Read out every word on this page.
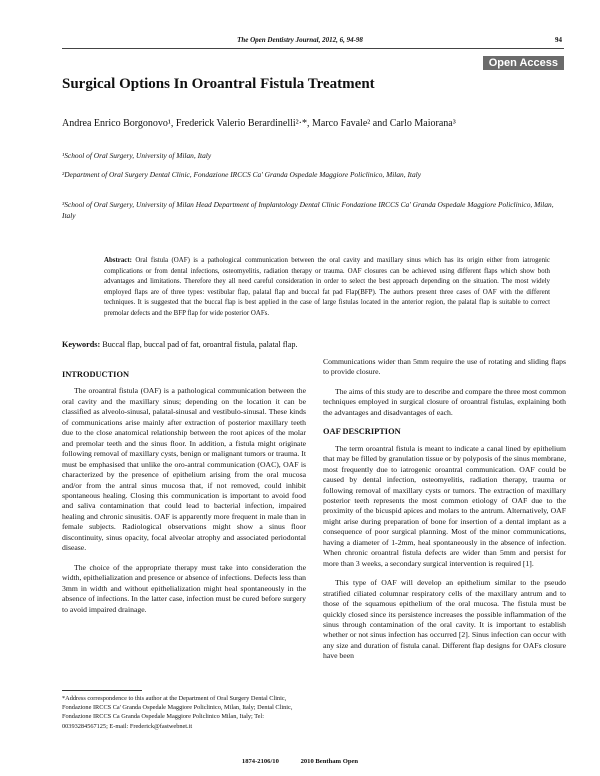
The Open Dentistry Journal, 2012, 6, 94-98	94
Open Access
Surgical Options In Oroantral Fistula Treatment
Andrea Enrico Borgonovo¹, Frederick Valerio Berardinelli²·*, Marco Favale² and Carlo Maiorana³
¹School of Oral Surgery, University of Milan, Italy
²Department of Oral Surgery Dental Clinic, Fondazione IRCCS Ca' Granda Ospedale Maggiore Policlinico, Milan, Italy
³School of Oral Surgery, University of Milan Head Department of Implantology Dental Clinic Fondazione IRCCS Ca' Granda Ospedale Maggiore Policlinico, Milan, Italy
Abstract: Oral fistula (OAF) is a pathological communication between the oral cavity and maxillary sinus which has its origin either from iatrogenic complications or from dental infections, osteomyelitis, radiation therapy or trauma. OAF closures can be achieved using different flaps which show both advantages and limitations. Therefore they all need careful consideration in order to select the best approach depending on the situation. The most widely employed flaps are of three types: vestibular flap, palatal flap and buccal fat pad Flap(BFP). The authors present three cases of OAF with the different techniques. It is suggested that the buccal flap is best applied in the case of large fistulas located in the anterior region, the palatal flap is suitable to correct premolar defects and the BFP flap for wide posterior OAFs.
Keywords: Buccal flap, buccal pad of fat, oroantral fistula, palatal flap.
INTRODUCTION

The oroantral fistula (OAF) is a pathological communication between the oral cavity and the maxillary sinus; depending on the location it can be classified as alveolo-sinusal, palatal-sinusal and vestibulo-sinusal. These kinds of communications arise mainly after extraction of posterior maxillary teeth due to the close anatomical relationship between the root apices of the molar and premolar teeth and the sinus floor. In addition, a fistula might originate following removal of maxillary cysts, benign or malignant tumors or trauma. It must be emphasised that unlike the oro-antral communication (OAC), OAF is characterized by the presence of epithelium arising from the oral mucosa and/or from the antral sinus mucosa that, if not removed, could inhibit spontaneous healing. Closing this communication is important to avoid food and saliva contamination that could lead to bacterial infection, impaired healing and chronic sinusitis. OAF is apparently more frequent in male than in female subjects. Radiological observations might show a sinus floor discontinuity, sinus opacity, focal alveolar atrophy and associated periodontal disease.

The choice of the appropriate therapy must take into consideration the width, epithelialization and presence or absence of infections. Defects less than 3mm in width and without epithelialization might heal spontaneously in the absence of infections. In the latter case, infection must be cured before surgery to avoid impaired drainage.

Communications wider than 5mm require the use of rotating and sliding flaps to provide closure.

The aims of this study are to describe and compare the three most common techniques employed in surgical closure of oroantral fistulas, explaining both the advantages and disadvantages of each.

OAF DESCRIPTION

The term oroantral fistula is meant to indicate a canal lined by epithelium that may be filled by granulation tissue or by polyposis of the sinus membrane, most frequently due to iatrogenic oroantral communication. OAF could be caused by dental infection, osteomyelitis, radiation therapy, trauma or following removal of maxillary cysts or tumors. The extraction of maxillary posterior teeth represents the most common etiology of OAF due to the proximity of the bicuspid apices and molars to the antrum. Alternatively, OAF might arise during preparation of bone for insertion of a dental implant as a consequence of poor surgical planning. Most of the minor communications, having a diameter of 1-2mm, heal spontaneously in the absence of infection. When chronic oroantral fistula defects are wider than 5mm and persist for more than 3 weeks, a secondary surgical intervention is required [1].

This type of OAF will develop an epithelium similar to the pseudo stratified ciliated columnar respiratory cells of the maxillary antrum and to those of the squamous epithelium of the oral mucosa. The fistula must be quickly closed since its persistence increases the possible inflammation of the sinus through contamination of the oral cavity. It is important to establish whether or not sinus infection has occurred [2]. Sinus infection can occur with any size and duration of fistula canal. Different flap designs for OAFs closure have been

*Address correspondence to this author at the Department of Oral Surgery Dental Clinic, Fondazione IRCCS Ca' Granda Ospedale Maggiore Policlinico, Milan, Italy; Dental Clinic, Fondazione IRCCS Ca Granda Ospedale Maggiore Policlinico Milan, Italy; Tel: 00393284567125; E-mail: Frederick@fastwebnet.it
1874-2106/10	2010 Bentham Open
